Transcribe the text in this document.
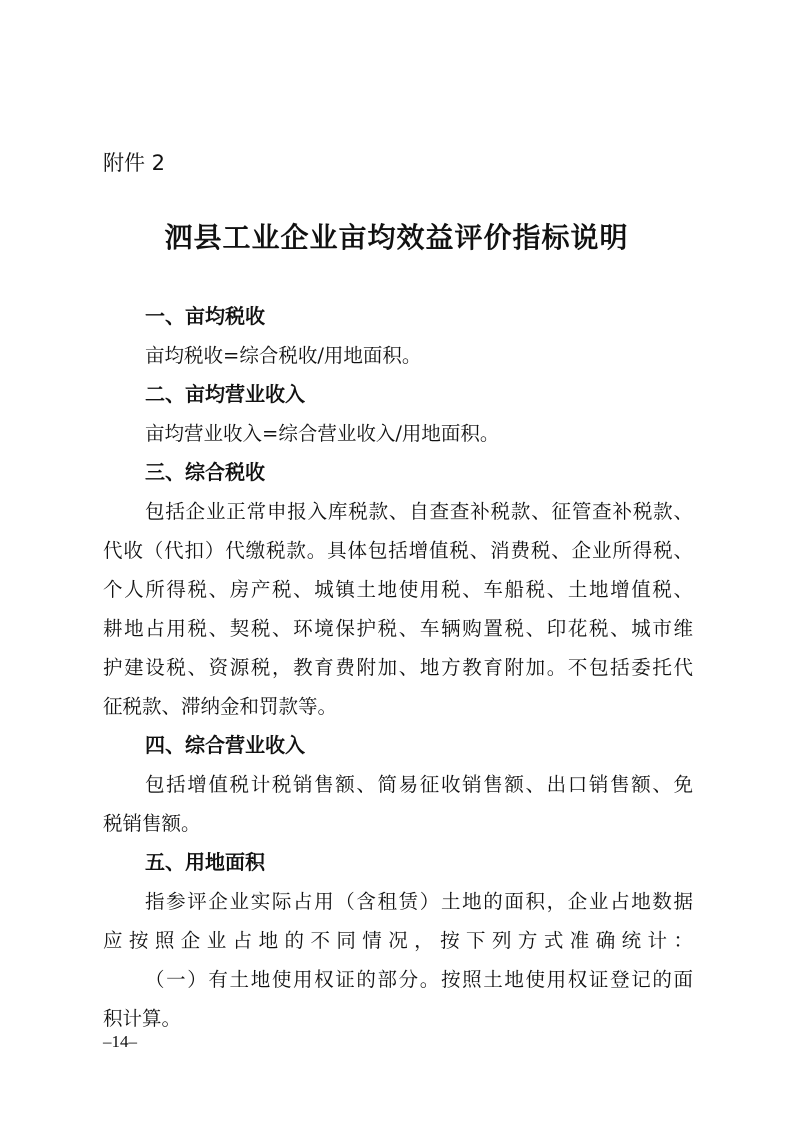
附件 2
泗县工业企业亩均效益评价指标说明

一、亩均税收

亩均税收=综合税收/用地面积。

二、亩均营业收入

亩均营业收入=综合营业收入/用地面积。

三、综合税收

包括企业正常申报入库税款、自查查补税款、征管查补税款、

代收（代扣）代缴税款。具体包括增值税、消费税、企业所得税、

个人所得税、房产税、城镇土地使用税、车船税、土地增值税、

耕地占用税、契税、环境保护税、车辆购置税、印花税、城市维

护建设税、资源税，教育费附加、地方教育附加。不包括委托代

征税款、滞纳金和罚款等。

四、综合营业收入

包括增值税计税销售额、简易征收销售额、出口销售额、免

税销售额。

五、用地面积

指参评企业实际占用（含租赁）土地的面积，企业占地数据

应按照企业占地的不同情况，按下列方式准确统计：

（一）有土地使用权证的部分。按照土地使用权证登记的面

积计算。

–14–
